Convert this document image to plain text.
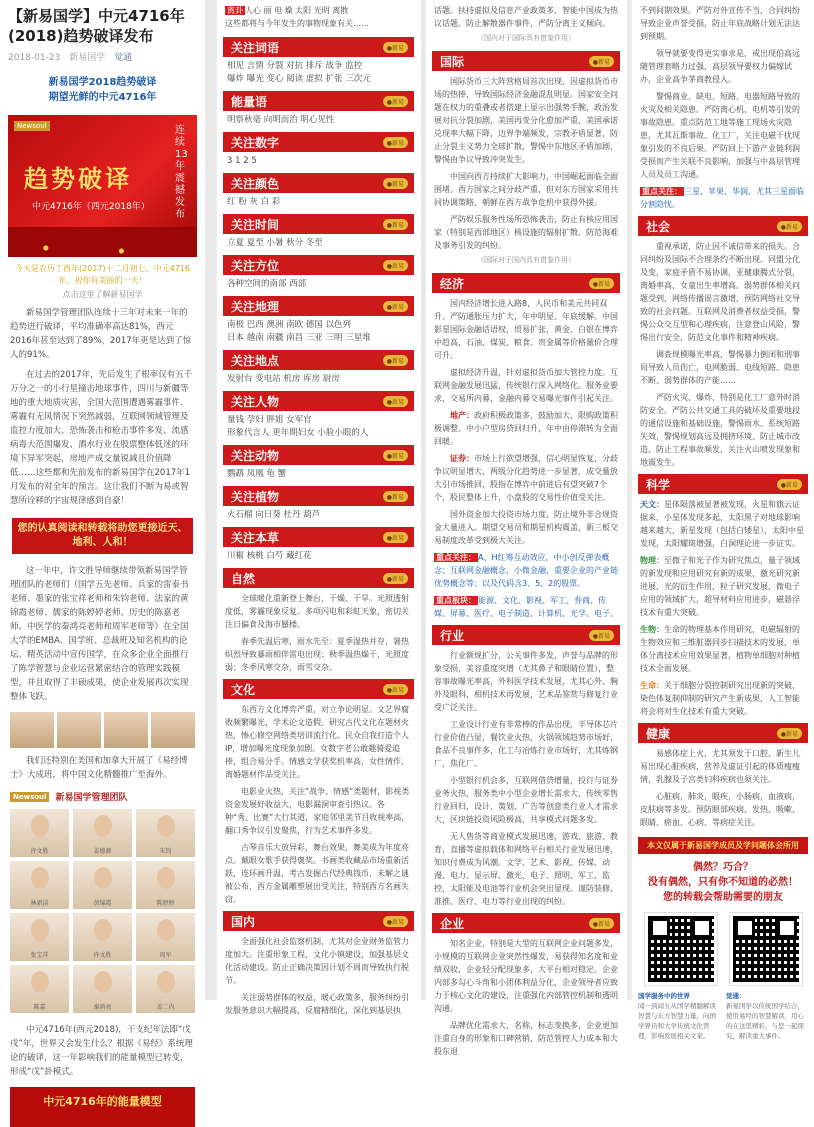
【新易国学】中元4716年(2018)趋势破译发布
2018-01-23 新易国学 觉通
新易国学2018趋势破译
期望光鲜的中元4716年
Newsoul
趋势破译
中元4716年（西元2018年）
连续13年震撼发布
今天是农历丁酉年(2017)十二月初七，中元4716年。祝你有美丽的一天！
点击这里了解新易国学
新易国学管理团队连续十三年对未来一年的趋势进行破译，平均准确率高达81%，西元2016年甚至达到了89%，2017年更是达到了惊人的91%。
在过去的2017年，先后发生了根率仅有五千万分之一的小行星撞击地球事件，四川与新疆等地的重大地质灾害，全国大范围遭遇雾霾事件、雾霾有无风情况下突然减弱，互联网领域管理及监控力度加大、恐怖袭击和枪击事件多发、流感病毒大范围爆发、酒水行业在股票整体低迷的环境下异军突起，房地产成交量锐减且价值降低……这些都和先前发布的新易国学在2017年1月发布的对全年的预言。这让我们不断为易或智慧所诠释的宇宙规律感到自豪！
您的认真阅读和转载将助您更接近天、地利、人和！
这一年中，许文胜导师继续带领新易国学管理团队的老师们（国学五先老师、兵家的雷泰书老师、墨家的张宝祥老师和朱钧老师、法家的黄锦霞老师、儒家的陈婷婷老师、历史的陈嘉老师、中医学的秦鸿亮老师和周军老师等）在全国大学的EMBA、国学班、总裁班及知名机构的论坛、精英活动中宣传国学，在众多企业全面推行了陈学智慧与企业运营紧密结合的管理实践模型，并且取得了丰硕成果，使企业发展再次实现整体飞跃。
我们还特别在美国和加拿大开展了《易经博士》大成班，将中国文化精髓推广至海外。
Newsoul	新易国学管理团队
许文胜	姜德源	朱钧
林新洁	黄锦霞	陈婷婷
张宝祥	许文胜	周军
陈嘉	秦鸿亮	姜二内
中元4716年(西元2018)，干支纪年法即“戊戌”年，世界又会发生什么？根据《易经》系统理论的破译，这一年影响我们的能量模型已转变，形成“戊”卦模式。
中元4716年的能量模型
离卦 人心 丽 电 燥 太阳 光明 离散
这些都将与今年发生的事物现象有关……
关注词语	●新易
相见 言情 分裂 对抗 排斥 战争 监控
爆炸 曝光 变心 阅读 虚拟 扩张 三次元
能量语	●新易
明察秋毫 向明而治 明心见性
关注数字	●新易
3 1 2 5
关注颜色	●新易
红 粉 灰 白 彩
关注时间	●新易
立夏 夏至 小暑 秋分 冬至
关注方位	●新易
各种空间的南部 西部
关注地理	●新易
南极 巴西 澳洲 南欧 德国 以色列
日本 越南 南疆 南昌 三亚 三明 三星堆
关注地点	●新易
发射台 变电站 机房 库房 厨房
关注人物	●新易
量钱 孕妇 胖姐 女军官
形象代言人 更年期妇女 小脸小眼的人
关注动物	●新易
鹦鹉 凤凰 龟 蟹
关注植物	●新易
火石榴 向日葵 杜丹 葫芦
关注本草	●新易
川椒 核桃 白芍 藏红花
自然	●新易
全球暖化重新登上舞台，干燥、干旱。光照透射度低，雾霾现象反复。多项闪电和彩虹天象，密切关注日偏食及海市蜃楼。
春季先温后寒，雨水先至：夏季湿热并存，暑热炽烈导致暴雨相伴雷电出现；秋季温热燥干，光照度弱；冬季风寒交杂，雨雪交杂。
文化	●新易
东西方文化博弈严重，对立争论明显。文艺界腐败频繁曝光，学术论文造假。研究古代文化在题材火热，惨心修空网络类培训流行化。民众自我打造个人IP，增加曝光度现象加剧。女数字老公敢趣骑爱追捧，组合易分手。情感文学获奖机率高，女性情作、离婚题材作品受关注。
电影业火热，关注“战争、情感”类题材，影视类资金发展好收益大，电影漏洞审查引热议。各种“秀、比赛”大行其道，家庭邻里美节目收视率高，翻口秀争议引发聚焦，行为艺术事件多发。
古琴音乐大放异彩，舞台效果，舞美成为年度亮点。戴眼女歌手获得褒奖。书画类收藏品市场重新活跃，连环画升温，考古发掘古代经典钱币，未解之谜被公布，西方金属雕塑展出受关注，特别西方名画失窃。
国内	●新易
全面强化社会监察机制，尤其对企业财务监管力度加大。注重形象工程，文化小镇建设，加强基层文化活动建设。防止正确决策因计划不周而导致执行脱节。
关注弱势群体的权益，暖心政策多，服务纠纷引发服务意识大幅提高，反腐精细化，深化到基层执
话题。扶持虚拟及信息产业政策多，智能中国成为热议话题。防止解散器件事件，严防分离主义倾向。
（国内对于国际具有借鉴作用）
国际	●新易
国际货币三大阵营格局首次出现，因虚拟货币市场的热捧，导致国际经济金融混乱明显。国家安全问题在权力的重叠或者搭建上显示出强势手腕，政治发展对抗分裂加剧，美国再变分化愈加严重，美国承诺兑现率大幅下降，边界争端频发，宗教矛盾显著，防止分裂主义势力全球扩散，警惕中东地区矛盾加剧，警惕由争议导致冲突发生。
中国向西方持续扩大影响力，中国崛起面临全面围堵。西方国家之间分歧严重，但对东方国家采用共同协调策略，朝鲜在西方战争危机中获得外援。
严防娱乐服务性场所恐怖袭击，防止有核应用国家（特别是西部地区）核设施的辐射扩散。防范海难及事务引发的纠纷。
（国际对于国内具有借鉴作用）
经济	●新易
国内经济增长进入路8，人民币和美元共同双升。严防通胀压力扩大，年中明显、年底缓解。中国影星国际金融话语权，贸易扩张，黄金、白银在博弈中趋高，石油、煤炭、粮食、贵金属等价格量价合理可升。
虚拟经济升温，针对虚拟货币加大管控力度。互联网金融发展迅猛，传统银行深入网络化。服务业要求，交易所内幕，金融内幕交易曝光事件引起关注。
地产：政府积极政策多，鼓励加大，限购政策积极调整。中小户型房贷回归升，年中由停滞转为全面回暖。
证券：市场上行欲望增强，信心明显恢复，分歧争议明显增大，两级分化趋势进一步显著，成交量放大引市场推回，股指在博弈中前进后有望突破7个个，股民整体上升，小盘股的交易性价值受关注。
国外资金加大投资市场力度，防止境外非合规资金大量进入。期望交易员和期星机构震盖，新三板交易制度改革受到极大关注。
重点关注： A、H红筹互动效应，中小创反弹表概念；互联网金融概念，小微金融，重要企业的产业链优势概念等；以及代码含3、5、2的股票。
重点板块： 能源、文化、影视、军工、券商、传媒、屏幕、医疗、电子制造、计算机、光学、电子。
行业	●新易
行业额规扩分，公关事件多发，声誉与品牌的形象受损，美容重度突增（尤其鼻子和眼睛位置），整容事故曝光率高，外科医学技术发展，尤其心外、胸外及眼科，相机技术再发展，艺术品鉴赏与修复行业受广泛关注。
工业设计行业有非常棒的作品出现，半导体芯片行业价值凸显，餐饮业火热，火锅领域趋势市场好，食品不良事件多，化工与冶炼行业市场好，尤其炼钢厂，焦化厂。
小型银行机会多，互联网借贷增量，投行与证券业务火热，服务类中小型企业增长需求大，传统零售行业回归，设计、策划、广告等创意类行业人才需求大，区块链投资风险极高，共享模式问题多发。
无人售货等商业模式发展迅速，游戏、旅游、教育，直播等虚拟载体和网络平台相关行业发展迅速，知识付费成为风潮。文学、艺术、影视、传媒、动漫、电力、显示屏、激光、电子、照明、军工、监控，太阳能及电池等行业机会突出显现。谨防装修、准推、医疗、电力等行业出现的纠纷。
企业	●新易
知名企业，特别是大型的互联网企业问题多发，小规模的互联网企业突然性爆发，易获得知名度和业绩双收，企业轻分配现象多，大平台相对稳定。企业内部多勾心斗角和小团体利益分化，企业领导者应致力于核心文化的建设，注重强化内部管控机制和透明沟通。
品牌优化需求大，名称、标志变换多，企业更加注重自身的形象和口碑营销，防范管控人力成本和大股东退
不到间期效果。严防对外宣传不当，合同纠纷导致企业声誉受损，防止年底战略计划无法达到预期。
领导就要变得更实事求是，戒出现伯高远随管理套略力过强，高层领导要权力偏嫁试办，企业高争茅商教侵入。
警惕商业、缺电、短路、电器短路导致的火灾及相关隐患。严防离心机、电机等引发的事故隐患。重点防范工地等施工现场火灾隐患，尤其瓦斯事故、化工厂，关注电磁干扰现象引发的不良后果。严防回上下游产业链利润受损而产生关联不良影响，加强与中高层管理人员及员工沟通。
重点关注： 三星、苹果、华润、尤其三星面临分割隐忧。
社会	●新易
重视承诺，防止因不诚信带来的损失。合同纠纷及国际不合理条约不断出现。同盟分化及变，家庭矛盾不易协调，亚健康腾式分裂，离婚率高，女童出生率增高。弱势群体相关问题受到，网络传播谣言激增，预防网络社交导致的社会问题。互联网及消费者权益受损，警惕公众交互型和心理疾病，注意登山风险，警惕出行安全，防范文化事件和精神疾病。
调查规模曝光率高，警惕暴力倒闭和刑事局导致人员伤亡，电网脆弱、电线短路、隐患不断、弱势群体的产能……
严防火灾、爆炸，特别是化工厂意外时消防安全。严防公共交通工具的破坏及重要地段的通信设施和基础设施，警惕雨水、系统短路失效，警惕规划高远及拥挤环境、防止城市改造、防止工程事故频发，关注火山喷发现象和地震发生。
科学	●新易
天文：星体陨落被显著被发现，火星和旗云证据来，小星体发现多起，太阳黑子对地球影响越来越大，新星发现（包括白矮星），太阳中星发现，太阳耀斑增强，白洞理论进一步证实。
物理：至微子和光子作为研究焦点，量子领域的新发现和应用研究有新的成果，激光研究新进展，光的衍生作用，粒子研究发展，微电子应用的领域扩大，超导材料应用进步，磁悬浮技术有重大突破。
生物：生命的物理基本作用研究，电磁辐射的生物效应和三维脏器同步扫描技术的发展，单体分离技术应用效果显著，植物单细胞对种植技术全面发展。
生命：关于细胞分裂控制研究出现新的突破，染色体复制抑制的研究产生新成果，人工智能将会将对生化技术有重大突破。
健康	●新易
易感体症上火，尤其须发于口腔、新生儿易出现心脏疾病，营养及虚证引起的体质瘦瘦情，乳腺及子宫类妇科疾病也须关注。
心脏病，肺炎，眼疾，小肠病，血液病，皮肤病等多发。预防眼部疾病、发热、吸嗽、眼睛、瘀血、心病、等病症关注。
本文仅属于新易国学成员及学问题体会所用
偶然？巧合？
没有偶然，只有你不知道的必然！
您的转载会帮助需要的朋友
国学服务中的世界
闻一到闻五从国学精髓解读智慧与东方智慧力量，向国学界员和大学传统文化管理，影响发展相关文案。
觉通：
新易国学以传统国学结合，使用易经的智慧解读，用心的在这里精彩，与您一起探究，解读重大事件。
